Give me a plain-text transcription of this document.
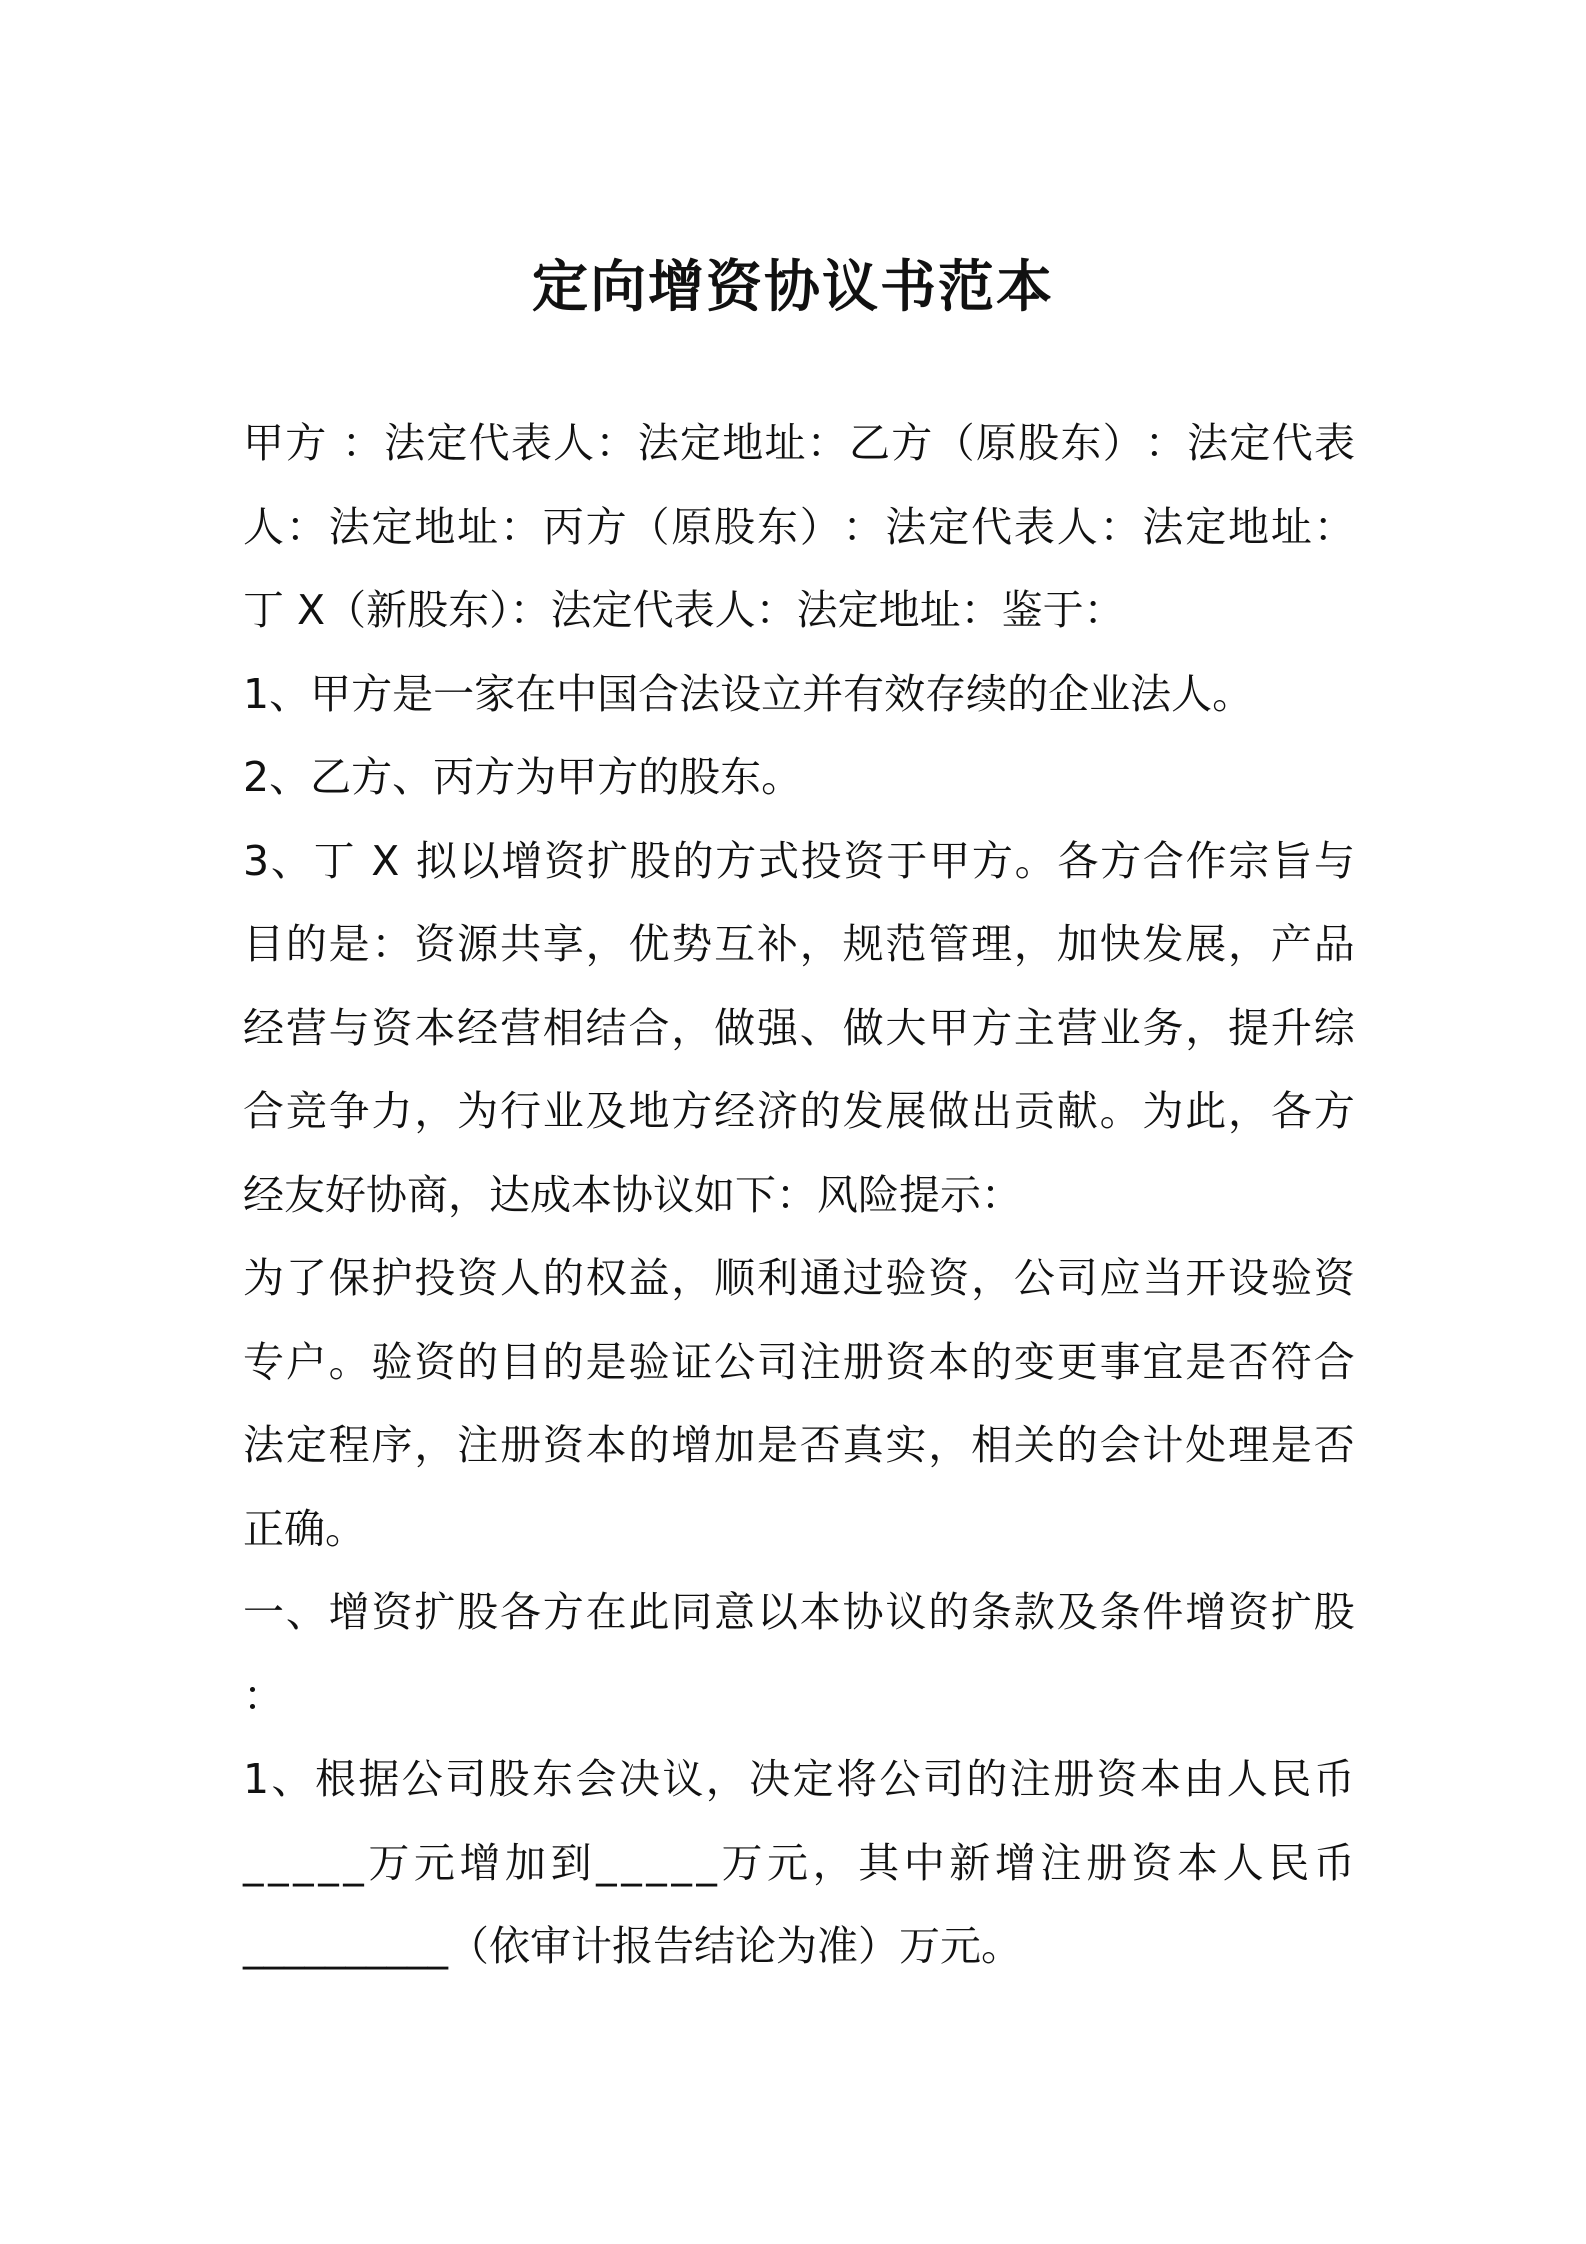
定向增资协议书范本
甲 方
： 法 定 代 表 人 ： 法 定 地 址 ： 乙 方 （ 原 股 东 ） ： 法 定 代 表
人 ： 法 定 地 址 ： 丙 方 （ 原 股 东 ） ： 法 定 代 表 人 ： 法 定 地 址 ：
丁 X（新股东）：法定代表人：法定地址：鉴于：
1、甲方是一家在中国合法设立并有效存续的企业法人。
2、乙方、丙方为甲方的股东。
3 、 丁
X
拟 以 增 资 扩 股 的 方 式 投 资 于 甲 方 。 各 方 合 作 宗 旨 与
目 的 是 ： 资 源 共 享 ， 优 势 互 补 ， 规 范 管 理 ， 加 快 发 展 ， 产 品
经 营 与 资 本 经 营 相 结 合 ， 做 强 、 做 大 甲 方 主 营 业 务 ， 提 升 综
合 竞 争 力 ， 为 行 业 及 地 方 经 济 的 发 展 做 出 贡 献 。 为 此 ， 各 方
经友好协商，达成本协议如下：风险提示：
为 了 保 护 投 资 人 的 权 益 ， 顺 利 通 过 验 资 ， 公 司 应 当 开 设 验 资
专 户 。 验 资 的 目 的 是 验 证 公 司 注 册 资 本 的 变 更 事 宜 是 否 符 合
法 定 程 序 ， 注 册 资 本 的 增 加 是 否 真 实 ， 相 关 的 会 计 处 理 是 否
正确。
一 、 增 资 扩 股 各 方 在 此 同 意 以 本 协 议 的 条 款 及 条 件 增 资 扩 股
：
1 、 根 据 公 司 股 东 会 决 议 ， 决 定 将 公 司 的 注 册 资 本 由 人 民 币
_ _ _ _ _ 万 元 增 加 到 _ _ _ _ _ 万 元 ， 其 中 新 增 注 册 资 本 人 民 币
__________（依审计报告结论为准）万元。
